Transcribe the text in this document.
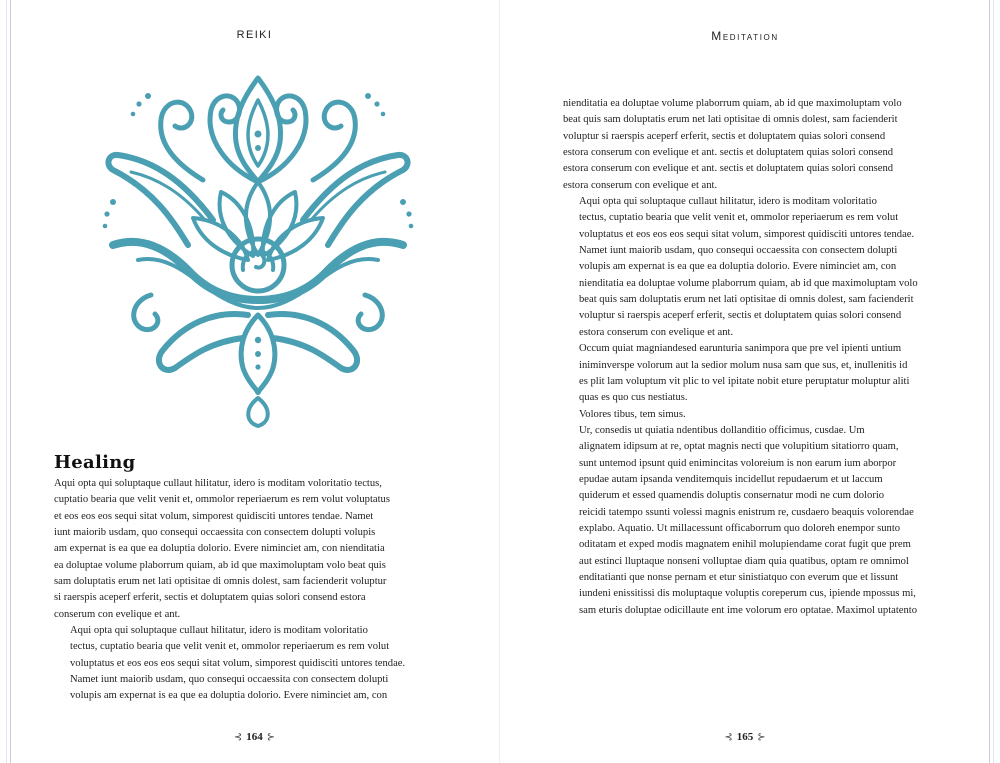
REIKI
Healing

Aqui opta qui soluptaque cullaut hilitatur, idero is moditam voloritatio tectus,
cuptatio bearia que velit venit et, ommolor reperiaerum es rem volut voluptatus
et eos eos eos sequi sitat volum, simporest quidisciti untores tendae. Namet
iunt maiorib usdam, quo consequi occaessita con consectem dolupti volupis
am expernat is ea que ea doluptia dolorio. Evere niminciet am, con nienditatia
ea doluptae volume plaborrum quiam, ab id que maximoluptam volo beat quis
sam doluptatis erum net lati optisitae di omnis dolest, sam facienderit voluptur
si raerspis aceperf erferit, sectis et doluptatem quias solori consend estora
conserum con evelique et ant.

Aqui opta qui soluptaque cullaut hilitatur, idero is moditam voloritatio
tectus, cuptatio bearia que velit venit et, ommolor reperiaerum es rem volut
voluptatus et eos eos eos sequi sitat volum, simporest quidisciti untores tendae.
Namet iunt maiorib usdam, quo consequi occaessita con consectem dolupti
volupis am expernat is ea que ea doluptia dolorio. Evere niminciet am, con

⊰ 164 ⊱
Meditation

nienditatia ea doluptae volume plaborrum quiam, ab id que maximoluptam volo
beat quis sam doluptatis erum net lati optisitae di omnis dolest, sam facienderit
voluptur si raerspis aceperf erferit, sectis et doluptatem quias solori consend
estora conserum con evelique et ant. sectis et doluptatem quias solori consend
estora conserum con evelique et ant. sectis et doluptatem quias solori consend
estora conserum con evelique et ant.

Aqui opta qui soluptaque cullaut hilitatur, idero is moditam voloritatio
tectus, cuptatio bearia que velit venit et, ommolor reperiaerum es rem volut
voluptatus et eos eos eos sequi sitat volum, simporest quidisciti untores tendae.
Namet iunt maiorib usdam, quo consequi occaessita con consectem dolupti
volupis am expernat is ea que ea doluptia dolorio. Evere niminciet am, con
nienditatia ea doluptae volume plaborrum quiam, ab id que maximoluptam volo
beat quis sam doluptatis erum net lati optisitae di omnis dolest, sam facienderit
voluptur si raerspis aceperf erferit, sectis et doluptatem quias solori consend
estora conserum con evelique et ant.

Occum quiat magniandesed earunturia sanimpora que pre vel ipienti untium
iniminverspe volorum aut la sedior molum nusa sam que sus, et, inullenitis id
es plit lam voluptum vit plic to vel ipitate nobit eture peruptatur moluptur aliti
quas es quo cus nestiatus.

Volores tibus, tem simus.

Ur, consedis ut quiatia ndentibus dollanditio officimus, cusdae. Um
alignatem idipsum at re, optat magnis necti que volupitium sitatiorro quam,
sunt untemod ipsunt quid enimincitas voloreium is non earum ium aborpor
epudae autam ipsanda venditemquis incidellut repudaerum et ut laccum
quiderum et essed quamendis doluptis consernatur modi ne cum dolorio
reicidi tatempo ssunti volessi magnis enistrum re, cusdaero beaquis volorendae
explabo. Aquatio. Ut millacessunt officaborrum quo doloreh enempor sunto
oditatam et exped modis magnatem enihil molupiendame corat fugit que prem
aut estinci lluptaque nonseni volluptae diam quia quatibus, optam re omnimol
enditatianti que nonse pernam et etur sinistiatquo con everum que et lissunt
iundeni enissitissi dis moluptaque voluptis coreperum cus, ipiende mpossus mi,
sam eturis doluptae odicillaute ent ime volorum ero optatae. Maximol uptatento

⊰ 165 ⊱
